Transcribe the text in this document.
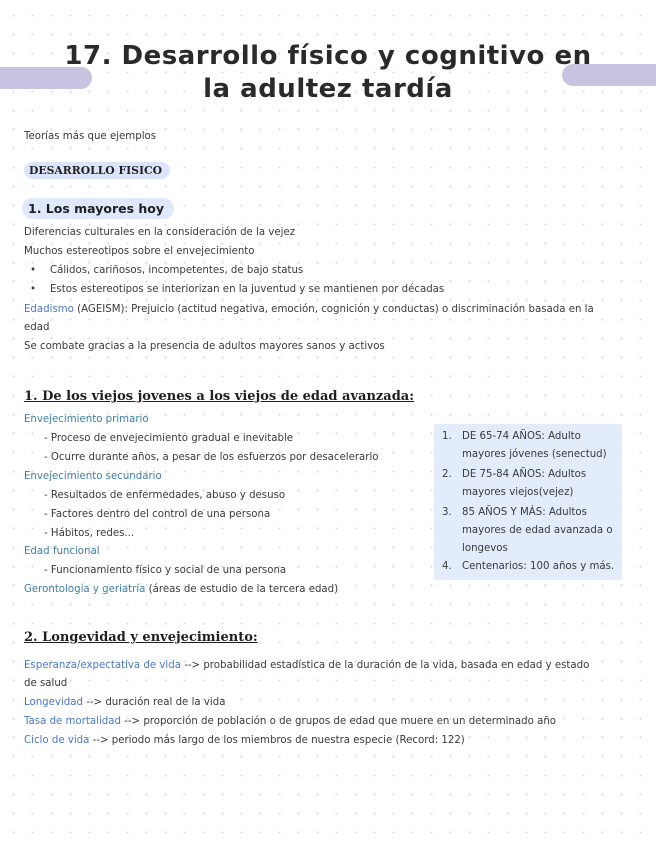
17. Desarrollo físico y cognitivo en
la adultez tardía
Teorías más que ejemplos
DESARROLLO FISICO
1. Los mayores hoy
Diferencias culturales en la consideración de la vejez
Muchos estereotipos sobre el envejecimiento
• Cálidos, cariñosos, incompetentes, de bajo status
• Estos estereotipos se interiorizan en la juventud y se mantienen por décadas
Edadismo (AGEISM): Prejuicio (actitud negativa, emoción, cognición y conductas) o discriminación basada en la
edad
Se combate gracias a la presencia de adultos mayores sanos y activos
1. De los viejos jovenes a los viejos de edad avanzada:
Envejecimiento primario
- Proceso de envejecimiento gradual e inevitable
- Ocurre durante años, a pesar de los esfuerzos por desacelerarlo
Envejecimiento secundario
- Resultados de enfermedades, abuso y desuso
- Factores dentro del control de una persona
- Hábitos, redes...
Edad funcional
- Funcionamiento físico y social de una persona
Gerontología y geriatría (áreas de estudio de la tercera edad)
1. DE 65-74 AÑOS: Adulto mayores jóvenes (senectud)
2. DE 75-84 AÑOS: Adultos mayores viejos(vejez)
3. 85 AÑOS Y MÁS: Adultos mayores de edad avanzada o longevos
4. Centenarios: 100 años y más.
2. Longevidad y envejecimiento:
Esperanza/expectativa de vida --> probabilidad estadística de la duración de la vida, basada en edad y estado
de salud
Longevidad --> duración real de la vida
Tasa de mortalidad --> proporción de población o de grupos de edad que muere en un determinado año
Ciclo de vida --> periodo más largo de los miembros de nuestra especie (Record: 122)
